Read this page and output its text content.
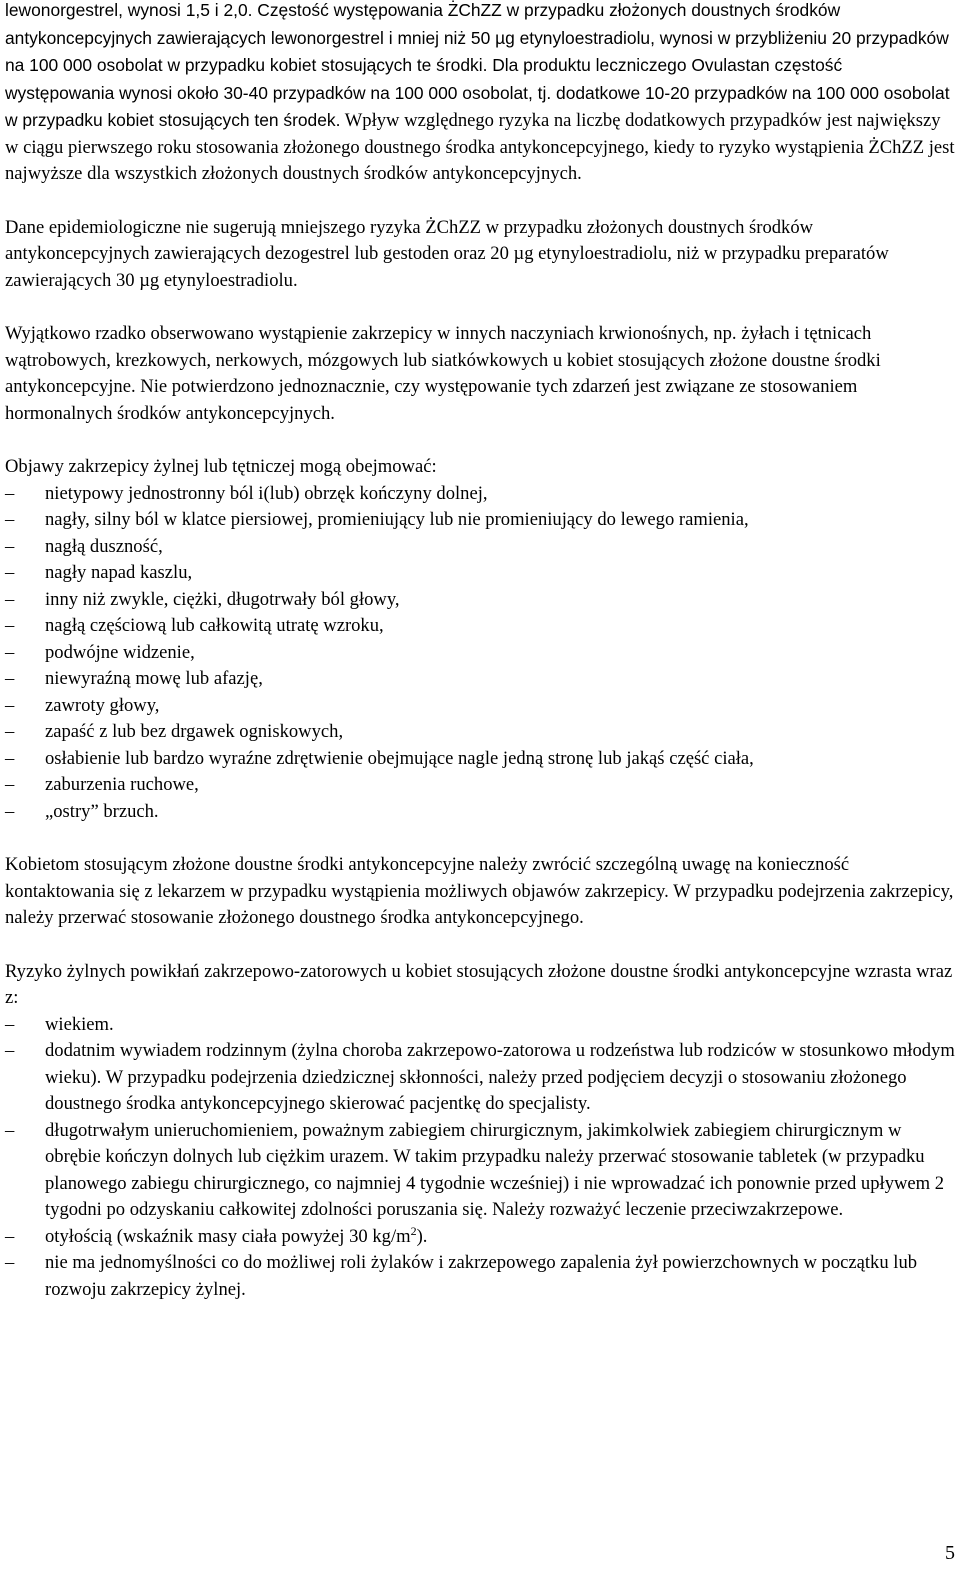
lewonorgestrel, wynosi 1,5 i 2,0. Częstość występowania ŻChZZ w przypadku złożonych doustnych środków antykoncepcyjnych zawierających lewonorgestrel i mniej niż 50 µg etynyloestradiolu, wynosi w przybliżeniu 20 przypadków na 100 000 osobolat w przypadku kobiet stosujących te środki. Dla produktu leczniczego Ovulastan częstość występowania wynosi około 30-40 przypadków na 100 000 osobolat, tj. dodatkowe 10-20 przypadków na 100 000 osobolat w przypadku kobiet stosujących ten środek. Wpływ względnego ryzyka na liczbę dodatkowych przypadków jest największy w ciągu pierwszego roku stosowania złożonego doustnego środka antykoncepcyjnego, kiedy to ryzyko wystąpienia ŻChZZ jest najwyższe dla wszystkich złożonych doustnych środków antykoncepcyjnych.

Dane epidemiologiczne nie sugerują mniejszego ryzyka ŻChZZ w przypadku złożonych doustnych środków antykoncepcyjnych zawierających dezogestrel lub gestoden oraz 20 µg etynyloestradiolu, niż w przypadku preparatów zawierających 30 µg etynyloestradiolu.

Wyjątkowo rzadko obserwowano wystąpienie zakrzepicy w innych naczyniach krwionośnych, np. żyłach i tętnicach wątrobowych, krezkowych, nerkowych, mózgowych lub siatkówkowych u kobiet stosujących złożone doustne środki antykoncepcyjne. Nie potwierdzono jednoznacznie, czy występowanie tych zdarzeń jest związane ze stosowaniem hormonalnych środków antykoncepcyjnych.

Objawy zakrzepicy żylnej lub tętniczej mogą obejmować:

–	nietypowy jednostronny ból i(lub) obrzęk kończyny dolnej,
–	nagły, silny ból w klatce piersiowej, promieniujący lub nie promieniujący do lewego ramienia,
–	nagłą duszność,
–	nagły napad kaszlu,
–	inny niż zwykle, ciężki, długotrwały ból głowy,
–	nagłą częściową lub całkowitą utratę wzroku,
–	podwójne widzenie,
–	niewyraźną mowę lub afazję,
–	zawroty głowy,
–	zapaść z lub bez drgawek ogniskowych,
–	osłabienie lub bardzo wyraźne zdrętwienie obejmujące nagle jedną stronę lub jakąś część ciała,
–	zaburzenia ruchowe,
–	„ostry” brzuch.

Kobietom stosującym złożone doustne środki antykoncepcyjne należy zwrócić szczególną uwagę na konieczność kontaktowania się z lekarzem w przypadku wystąpienia możliwych objawów zakrzepicy. W przypadku podejrzenia zakrzepicy, należy przerwać stosowanie złożonego doustnego środka antykoncepcyjnego.

Ryzyko żylnych powikłań zakrzepowo-zatorowych u kobiet stosujących złożone doustne środki antykoncepcyjne wzrasta wraz z:

–	wiekiem.
–	dodatnim wywiadem rodzinnym (żylna choroba zakrzepowo-zatorowa u rodzeństwa lub rodziców w stosunkowo młodym wieku). W przypadku podejrzenia dziedzicznej skłonności, należy przed podjęciem decyzji o stosowaniu złożonego doustnego środka antykoncepcyjnego skierować pacjentkę do specjalisty.
–	długotrwałym unieruchomieniem, poważnym zabiegiem chirurgicznym, jakimkolwiek zabiegiem chirurgicznym w obrębie kończyn dolnych lub ciężkim urazem. W takim przypadku należy przerwać stosowanie tabletek (w przypadku planowego zabiegu chirurgicznego, co najmniej 4 tygodnie wcześniej) i nie wprowadzać ich ponownie przed upływem 2 tygodni po odzyskaniu całkowitej zdolności poruszania się. Należy rozważyć leczenie przeciwzakrzepowe.
–	otyłością (wskaźnik masy ciała powyżej 30 $kg/m^2$).
–	nie ma jednomyślności co do możliwej roli żylaków i zakrzepowego zapalenia żył powierzchownych w początku lub rozwoju zakrzepicy żylnej.
5
